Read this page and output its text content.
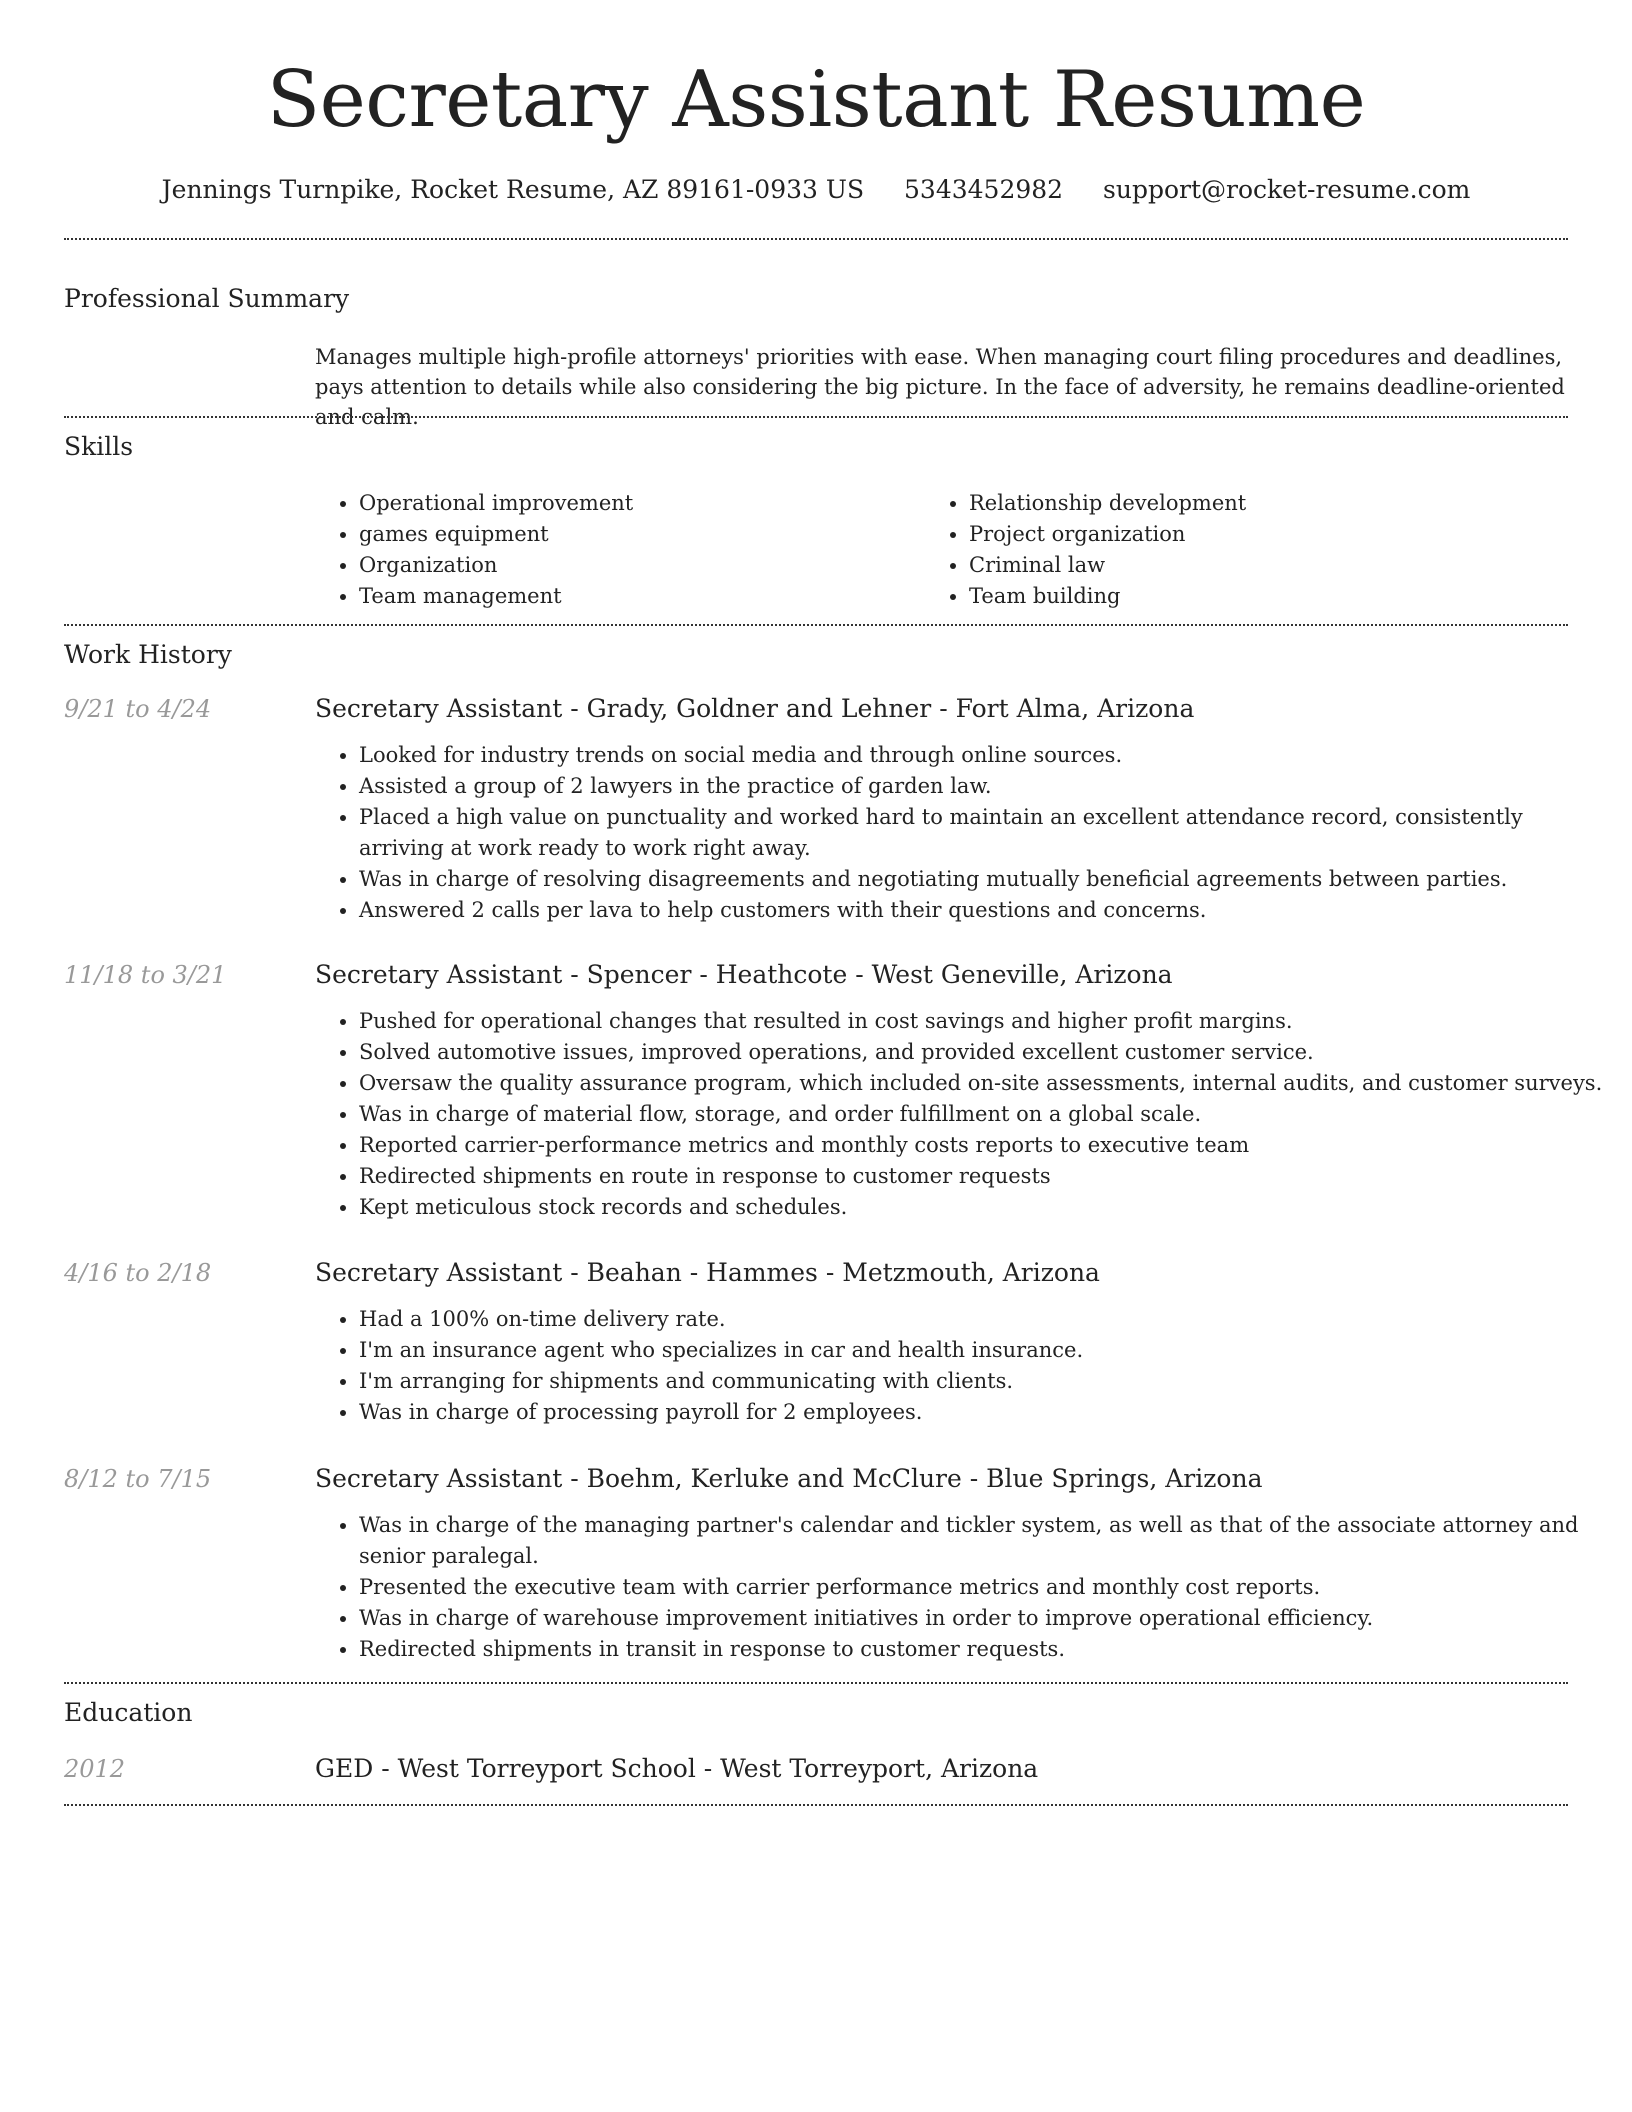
Secretary Assistant Resume
Jennings Turnpike, Rocket Resume, AZ 89161-0933 US 5343452982 support@rocket-resume.com
Professional Summary
Manages multiple high-profile attorneys' priorities with ease. When managing court filing procedures and deadlines, pays attention to details while also considering the big picture. In the face of adversity, he remains deadline-oriented and calm.
Skills
• Operational improvement
• games equipment
• Organization
• Team management
• Relationship development
• Project organization
• Criminal law
• Team building
Work History
9/21 to 4/24	Secretary Assistant - Grady, Goldner and Lehner - Fort Alma, Arizona
• Looked for industry trends on social media and through online sources.
• Assisted a group of 2 lawyers in the practice of garden law.
• Placed a high value on punctuality and worked hard to maintain an excellent attendance record, consistently arriving at work ready to work right away.
• Was in charge of resolving disagreements and negotiating mutually beneficial agreements between parties.
• Answered 2 calls per lava to help customers with their questions and concerns.
11/18 to 3/21	Secretary Assistant - Spencer - Heathcote - West Geneville, Arizona
• Pushed for operational changes that resulted in cost savings and higher profit margins.
• Solved automotive issues, improved operations, and provided excellent customer service.
• Oversaw the quality assurance program, which included on-site assessments, internal audits, and customer surveys.
• Was in charge of material flow, storage, and order fulfillment on a global scale.
• Reported carrier-performance metrics and monthly costs reports to executive team
• Redirected shipments en route in response to customer requests
• Kept meticulous stock records and schedules.
4/16 to 2/18	Secretary Assistant - Beahan - Hammes - Metzmouth, Arizona
• Had a 100% on-time delivery rate.
• I'm an insurance agent who specializes in car and health insurance.
• I'm arranging for shipments and communicating with clients.
• Was in charge of processing payroll for 2 employees.
8/12 to 7/15	Secretary Assistant - Boehm, Kerluke and McClure - Blue Springs, Arizona
• Was in charge of the managing partner's calendar and tickler system, as well as that of the associate attorney and senior paralegal.
• Presented the executive team with carrier performance metrics and monthly cost reports.
• Was in charge of warehouse improvement initiatives in order to improve operational efficiency.
• Redirected shipments in transit in response to customer requests.
Education
2012	GED - West Torreyport School - West Torreyport, Arizona
